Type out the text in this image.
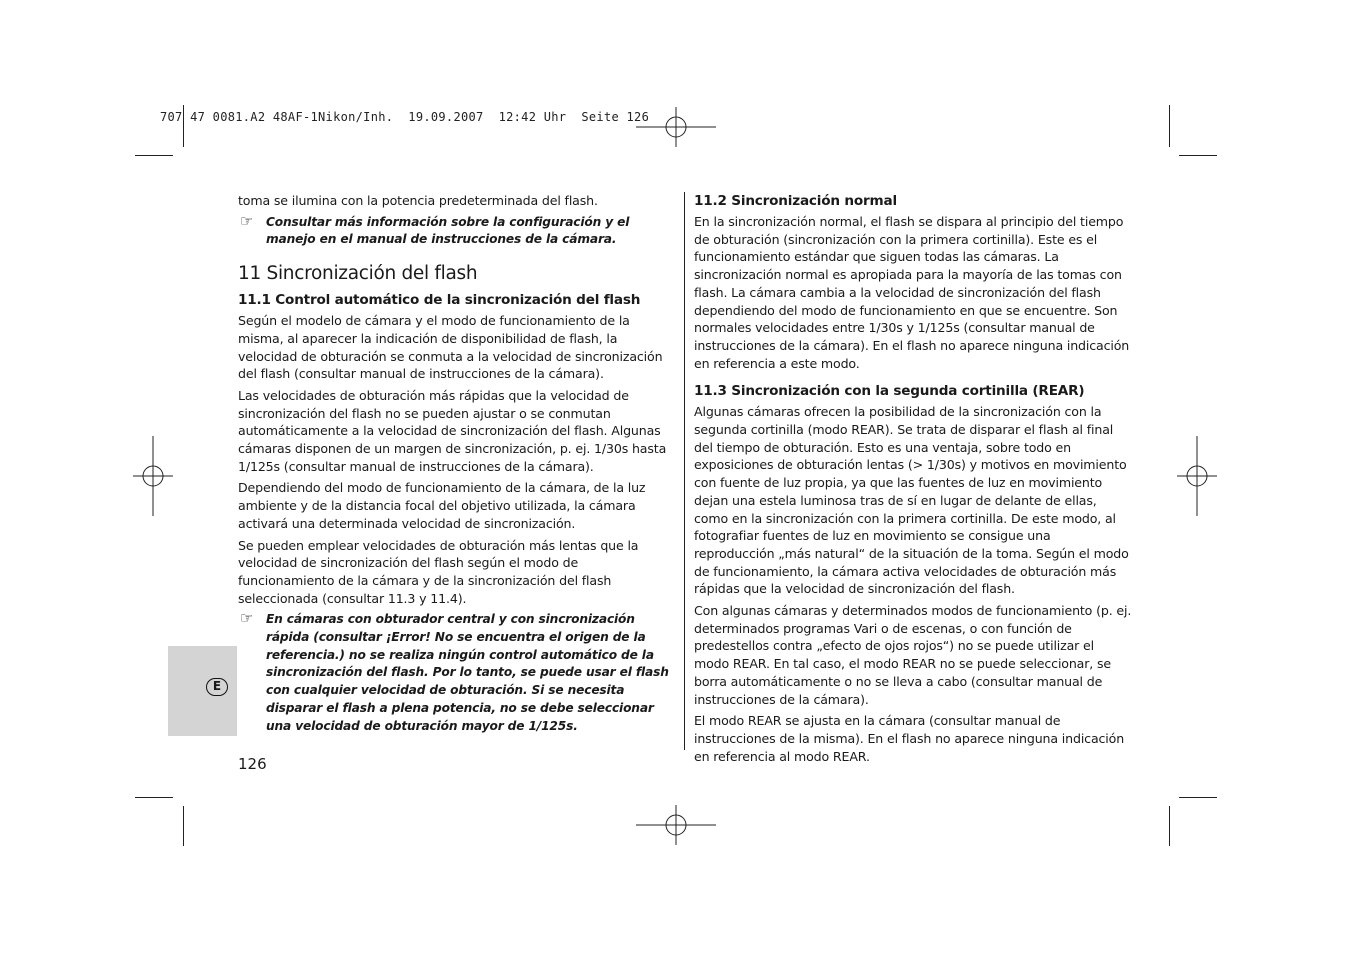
707 47 0081.A2 48AF-1Nikon/Inh.  19.09.2007  12:42 Uhr  Seite 126

toma se ilumina con la potencia predeterminada del flash.

☞ Consultar más información sobre la configuración y el manejo en el manual de instrucciones de la cámara.
11 Sincronización del flash
11.1 Control automático de la sincronización del flash

Según el modelo de cámara y el modo de funcionamiento de la misma, al aparecer la indicación de disponibilidad de flash, la velocidad de obturación se conmuta a la velocidad de sincronización del flash (consultar manual de instrucciones de la cámara).

Las velocidades de obturación más rápidas que la velocidad de sincronización del flash no se pueden ajustar o se conmutan automáticamente a la velocidad de sincronización del flash. Algunas cámaras disponen de un margen de sincronización, p. ej. 1/30s hasta 1/125s (consultar manual de instrucciones de la cámara).

Dependiendo del modo de funcionamiento de la cámara, de la luz ambiente y de la distancia focal del objetivo utilizada, la cámara activará una determinada velocidad de sincronización.

Se pueden emplear velocidades de obturación más lentas que la velocidad de sincronización del flash según el modo de funcionamiento de la cámara y de la sincronización del flash seleccionada (consultar 11.3 y 11.4).

☞ En cámaras con obturador central y con sincronización rápida (consultar ¡Error! No se encuentra el origen de la referencia.) no se realiza ningún control automático de la sincronización del flash. Por lo tanto, se puede usar el flash con cualquier velocidad de obturación. Si se necesita disparar el flash a plena potencia, no se debe seleccionar una velocidad de obturación mayor de 1/125s.
11.2 Sincronización normal

En la sincronización normal, el flash se dispara al principio del tiempo de obturación (sincronización con la primera cortinilla). Este es el funcionamiento estándar que siguen todas las cámaras. La sincronización normal es apropiada para la mayoría de las tomas con flash. La cámara cambia a la velocidad de sincronización del flash dependiendo del modo de funcionamiento en que se encuentre. Son normales velocidades entre 1/30s y 1/125s (consultar manual de instrucciones de la cámara). En el flash no aparece ninguna indicación en referencia a este modo.

11.3 Sincronización con la segunda cortinilla (REAR)

Algunas cámaras ofrecen la posibilidad de la sincronización con la segunda cortinilla (modo REAR). Se trata de disparar el flash al final del tiempo de obturación. Esto es una ventaja, sobre todo en exposiciones de obturación lentas (> 1/30s) y motivos en movimiento con fuente de luz propia, ya que las fuentes de luz en movimiento dejan una estela luminosa tras de sí en lugar de delante de ellas, como en la sincronización con la primera cortinilla. De este modo, al fotografiar fuentes de luz en movimiento se consigue una reproducción „más natural“ de la situación de la toma. Según el modo de funcionamiento, la cámara activa velocidades de obturación más rápidas que la velocidad de sincronización del flash.

Con algunas cámaras y determinados modos de funcionamiento (p. ej. determinados programas Vari o de escenas, o con función de predestellos contra „efecto de ojos rojos“) no se puede utilizar el modo REAR. En tal caso, el modo REAR no se puede seleccionar, se borra automáticamente o no se lleva a cabo (consultar manual de instrucciones de la cámara).

El modo REAR se ajusta en la cámara (consultar manual de instrucciones de la misma). En el flash no aparece ninguna indicación en referencia al modo REAR.

E
126
